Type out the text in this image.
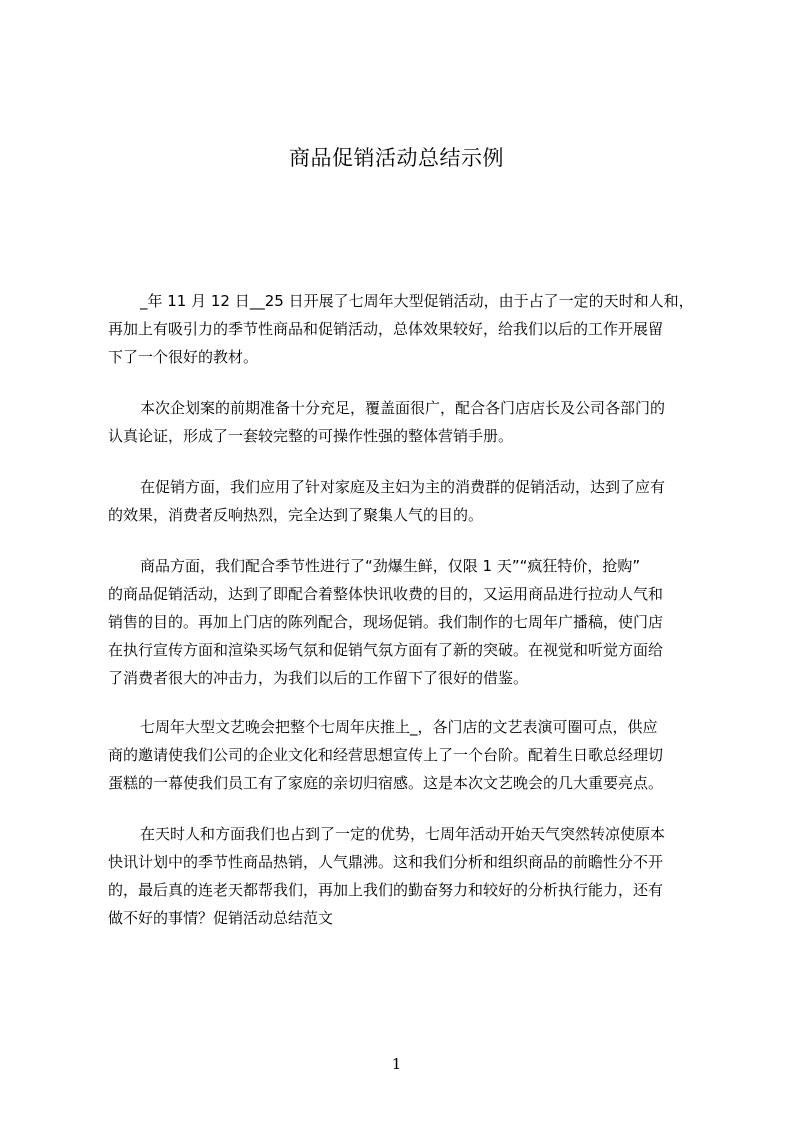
商品促销活动总结示例
_年 11 月 12 日__25 日开展了七周年大型促销活动，由于占了一定的天时和人和，
再加上有吸引力的季节性商品和促销活动，总体效果较好，给我们以后的工作开展留
下了一个很好的教材。
本次企划案的前期准备十分充足，覆盖面很广，配合各门店店长及公司各部门的
认真论证，形成了一套较完整的可操作性强的整体营销手册。
在促销方面，我们应用了针对家庭及主妇为主的消费群的促销活动，达到了应有
的效果，消费者反响热烈，完全达到了聚集人气的目的。
商品方面，我们配合季节性进行了“劲爆生鲜，仅限 1 天”“疯狂特价，抢购”
的商品促销活动，达到了即配合着整体快讯收费的目的，又运用商品进行拉动人气和
销售的目的。再加上门店的陈列配合，现场促销。我们制作的七周年广播稿，使门店
在执行宣传方面和渲染买场气氛和促销气氛方面有了新的突破。在视觉和听觉方面给
了消费者很大的冲击力，为我们以后的工作留下了很好的借鉴。
七周年大型文艺晚会把整个七周年庆推上_，各门店的文艺表演可圈可点，供应
商的邀请使我们公司的企业文化和经营思想宣传上了一个台阶。配着生日歌总经理切
蛋糕的一幕使我们员工有了家庭的亲切归宿感。这是本次文艺晚会的几大重要亮点。
在天时人和方面我们也占到了一定的优势，七周年活动开始天气突然转凉使原本
快讯计划中的季节性商品热销，人气鼎沸。这和我们分析和组织商品的前瞻性分不开
的，最后真的连老天都帮我们，再加上我们的勤奋努力和较好的分析执行能力，还有
做不好的事情？促销活动总结范文
1
